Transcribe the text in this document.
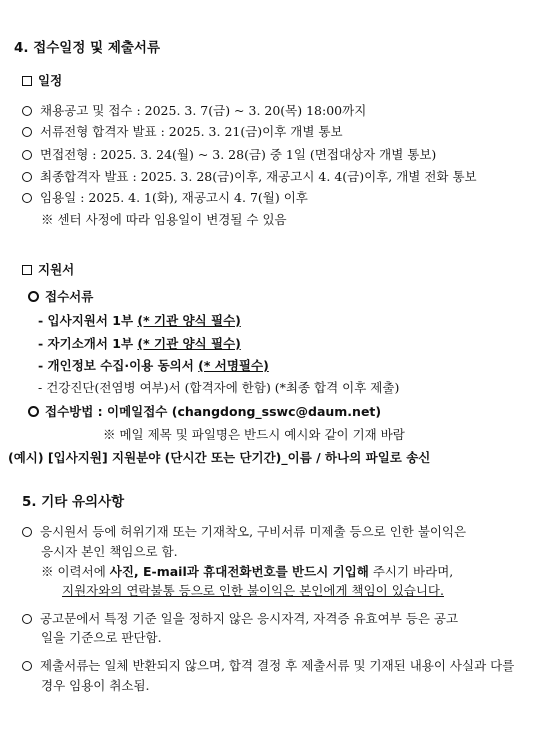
4. 접수일정 및 제출서류
일정
채용공고 및 접수 : 2025. 3. 7(금) ~ 3. 20(목) 18:00까지
서류전형 합격자 발표 : 2025. 3. 21(금)이후 개별 통보
면접전형 : 2025. 3. 24(월) ~ 3. 28(금) 중 1일 (면접대상자 개별 통보)
최종합격자 발표 : 2025. 3. 28(금)이후, 재공고시 4. 4(금)이후, 개별 전화 통보
임용일 : 2025. 4. 1(화), 재공고시 4. 7(월) 이후
※ 센터 사정에 따라 임용일이 변경될 수 있음
지원서
접수서류
- 입사지원서 1부 (* 기관 양식 필수)
- 자기소개서 1부 (* 기관 양식 필수)
- 개인정보 수집·이용 동의서 (* 서명필수)
- 건강진단(전염병 여부)서 (합격자에 한함) (*최종 합격 이후 제출)
접수방법 : 이메일접수 (changdong_sswc@daum.net)
※ 메일 제목 및 파일명은 반드시 예시와 같이 기재 바람
(예시) [입사지원] 지원분야 (단시간 또는 단기간)_이름 / 하나의 파일로 송신
5. 기타 유의사항
응시원서 등에 허위기재 또는 기재착오, 구비서류 미제출 등으로 인한 불이익은
응시자 본인 책임으로 함.
※ 이력서에 사진, E-mail과 휴대전화번호를 반드시 기입해 주시기 바라며,
지원자와의 연락불통 등으로 인한 불이익은 본인에게 책임이 있습니다.
공고문에서 특정 기준 일을 정하지 않은 응시자격, 자격증 유효여부 등은 공고
일을 기준으로 판단함.
제출서류는 일체 반환되지 않으며, 합격 결정 후 제출서류 및 기재된 내용이 사실과 다를
경우 임용이 취소됨.
